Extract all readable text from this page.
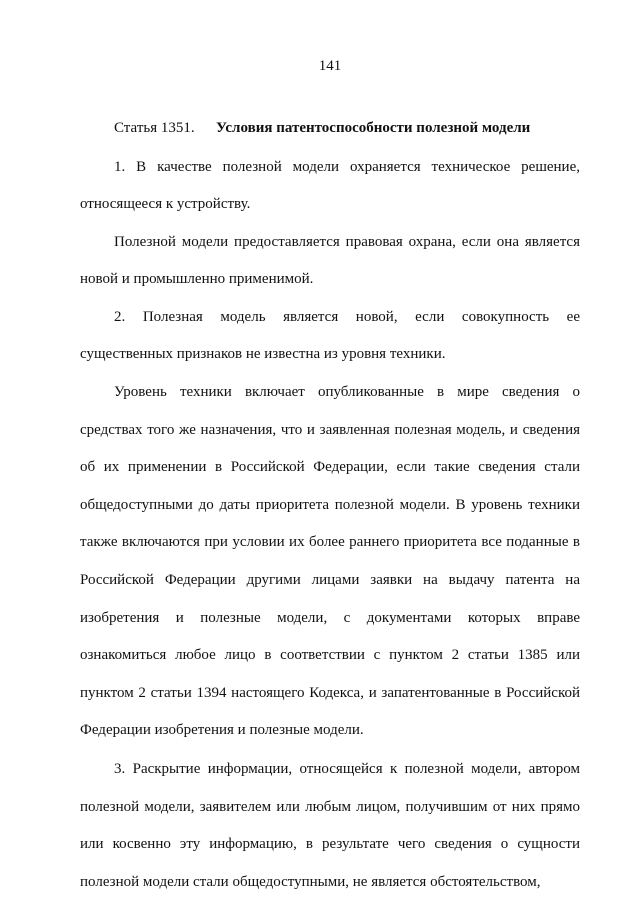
141
Статья 1351. Условия патентоспособности полезной модели

1. В качестве полезной модели охраняется техническое решение, относящееся к устройству.

Полезной модели предоставляется правовая охрана, если она является новой и промышленно применимой.

2. Полезная модель является новой, если совокупность ее существенных признаков не известна из уровня техники.

Уровень техники включает опубликованные в мире сведения о средствах того же назначения, что и заявленная полезная модель, и сведения об их применении в Российской Федерации, если такие сведения стали общедоступными до даты приоритета полезной модели. В уровень техники также включаются при условии их более раннего приоритета все поданные в Российской Федерации другими лицами заявки на выдачу патента на изобретения и полезные модели, с документами которых вправе ознакомиться любое лицо в соответствии с пунктом 2 статьи 1385 или пунктом 2 статьи 1394 настоящего Кодекса, и запатентованные в Российской Федерации изобретения и полезные модели.

3. Раскрытие информации, относящейся к полезной модели, автором полезной модели, заявителем или любым лицом, получившим от них прямо или косвенно эту информацию, в результате чего сведения о сущности полезной модели стали общедоступными, не является обстоятельством,
